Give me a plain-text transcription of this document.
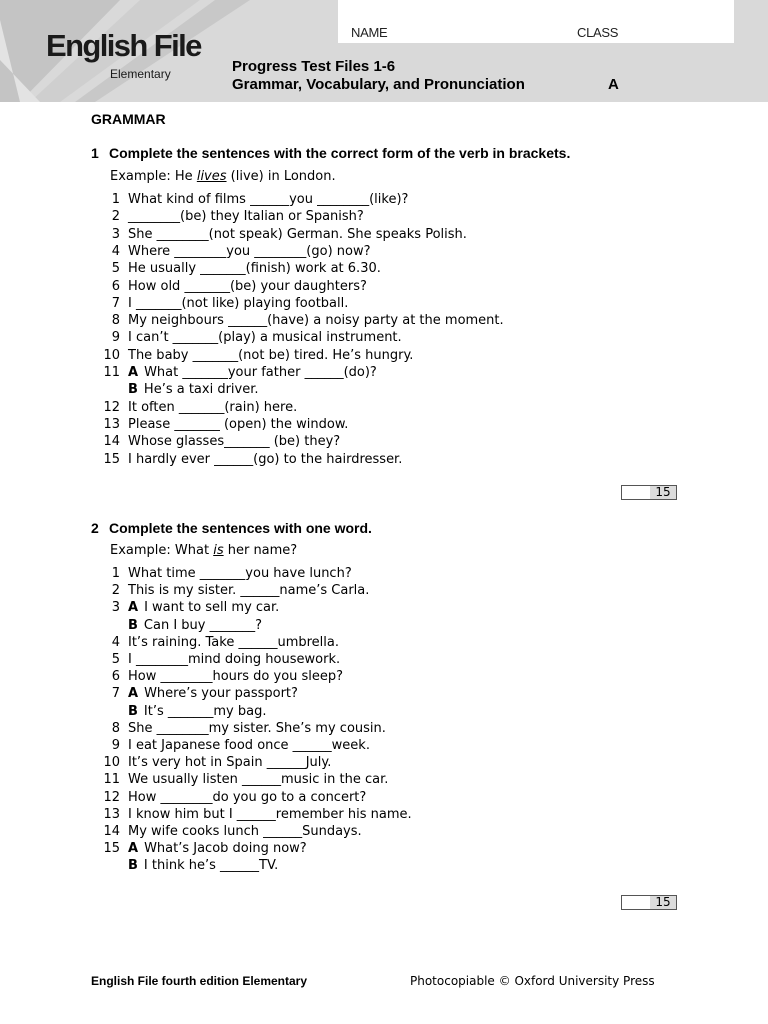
NAME	CLASS
English File
Elementary	Progress Test Files 1-6
Grammar, Vocabulary, and Pronunciation	A
GRAMMAR
1 Complete the sentences with the correct form of the verb in brackets.
Example: He lives (live) in London.
1 What kind of films ______you ________(like)?
2 ________(be) they Italian or Spanish?
3 She ________(not speak) German. She speaks Polish.
4 Where ________you ________(go) now?
5 He usually _______(finish) work at 6.30.
6 How old _______(be) your daughters?
7 I _______(not like) playing football.
8 My neighbours ______(have) a noisy party at the moment.
9 I can’t _______(play) a musical instrument.
10 The baby _______(not be) tired. He’s hungry.
11 A What _______your father ______(do)?
B He’s a taxi driver.
12 It often _______(rain) here.
13 Please _______ (open) the window.
14 Whose glasses_______ (be) they?
15 I hardly ever ______(go) to the hairdresser.
15
2 Complete the sentences with one word.
Example: What is her name?
1 What time _______you have lunch?
2 This is my sister. ______name’s Carla.
3 A I want to sell my car.
B Can I buy _______?
4 It’s raining. Take ______umbrella.
5 I ________mind doing housework.
6 How ________hours do you sleep?
7 A Where’s your passport?
B It’s _______my bag.
8 She ________my sister. She’s my cousin.
9 I eat Japanese food once ______week.
10 It’s very hot in Spain ______July.
11 We usually listen ______music in the car.
12 How ________do you go to a concert?
13 I know him but I ______remember his name.
14 My wife cooks lunch ______Sundays.
15 A What’s Jacob doing now?
B I think he’s ______TV.
15
English File fourth edition Elementary	Photocopiable © Oxford University Press
